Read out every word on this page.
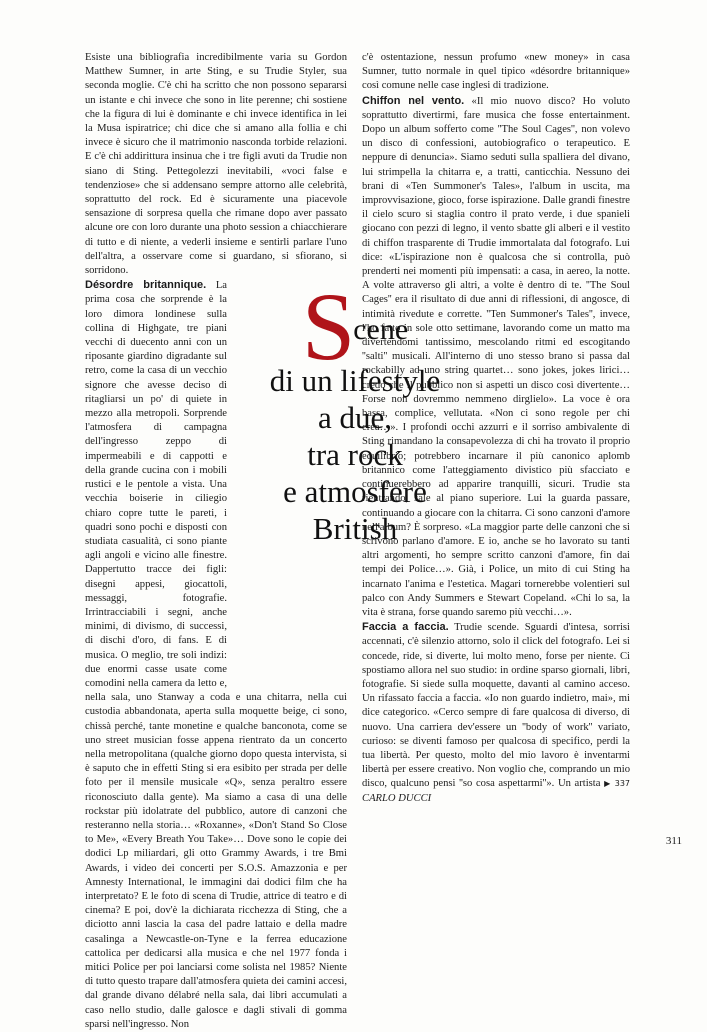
Esiste una bibliografia incredibilmente varia su Gordon Matthew Sumner, in arte Sting, e su Trudie Styler, sua seconda moglie. C'è chi ha scritto che non possono separarsi un istante e chi invece che sono in lite perenne; chi sostiene che la figura di lui è dominante e chi invece identifica in lei la Musa ispiratrice; chi dice che si amano alla follia e chi invece è sicuro che il matrimonio nasconda torbide relazioni. E c'è chi addirittura insinua che i tre figli avuti da Trudie non siano di Sting. Pettegolezzi inevitabili, «voci false e tendenziose» che si addensano sempre attorno alle celebrità, soprattutto del rock. Ed è sicuramente una piacevole sensazione di sorpresa quella che rimane dopo aver passato alcune ore con loro durante una photo session a chiacchierare di tutto e di niente, a vederli insieme e sentirli parlare l'uno dell'altra, a osservare come si guardano, si sfiorano, si sorridono.

Désordre britannique. La prima cosa che sorprende è la loro dimora londinese sulla collina di Highgate, tre piani vecchi di duecento anni con un riposante giardino digradante sul retro, come la casa di un vecchio signore che avesse deciso di ritagliarsi un po' di quiete in mezzo alla metropoli. Sorprende l'atmosfera di campagna dell'ingresso zeppo di impermeabili e di cappotti e della grande cucina con i mobili rustici e le pentole a vista. Una vecchia boiserie in ciliegio chiaro copre tutte le pareti, i quadri sono pochi e disposti con studiata casualità, ci sono piante agli angoli e vicino alle finestre. Dappertutto tracce dei figli: disegni appesi, giocattoli, messaggi, fotografie. Irrintracciabili i segni, anche minimi, di divismo, di successi, di dischi d'oro, di fans. E di musica. O meglio, tre soli indizi: due enormi casse usate come comodini nella camera da letto e, nella sala, uno Stanway a coda e una chitarra, nella cui custodia abbandonata, aperta sulla moquette beige, ci sono, chissà perché, tante monetine e qualche banconota, come se uno street musician fosse appena rientrato da un concerto nella metropolitana (qualche giorno dopo questa intervista, si è saputo che in effetti Sting si era esibito per strada per delle foto per il mensile musicale «Q», senza peraltro essere riconosciuto dalla gente). Ma siamo a casa di una delle rockstar più idolatrate del pubblico, autore di canzoni che resteranno nella storia… «Roxanne», «Don't Stand So Close to Me», «Every Breath You Take»… Dove sono le copie dei dodici Lp miliardari, gli otto Grammy Awards, i tre Bmi Awards, i video dei concerti per S.O.S. Amazzonia e per Amnesty International, le immagini dai dodici film che ha interpretato? E le foto di scena di Trudie, attrice di teatro e di cinema? E poi, dov'è la dichiarata ricchezza di Sting, che a diciotto anni lascia la casa del padre lattaio e della madre casalinga a Newcastle-on-Tyne e la ferrea educazione cattolica per dedicarsi alla musica e che nel 1977 fonda i mitici Police per poi lanciarsi come solista nel 1985? Niente di tutto questo trapare dall'atmosfera quieta dei camini accesi, dal grande divano délabré nella sala, dai libri accumulati a caso nello studio, dalle galosce e dagli stivali di gomma sparsi nell'ingresso. Non

c'è ostentazione, nessun profumo «new money» in casa Sumner, tutto normale in quel tipico «désordre britannique» così comune nelle case inglesi di tradizione.

Chiffon nel vento. «Il mio nuovo disco? Ho voluto soprattutto divertirmi, fare musica che fosse entertainment. Dopo un album sofferto come ''The Soul Cages'', non volevo un disco di confessioni, autobiografico o terapeutico. E neppure di denuncia». Siamo seduti sulla spalliera del divano, lui strimpella la chitarra e, a tratti, canticchia. Nessuno dei brani di «Ten Summoner's Tales», l'album in uscita, ma improvvisazione, gioco, forse ispirazione. Dalle grandi finestre il cielo scuro si staglia contro il prato verde, i due spanieli giocano con pezzi di legno, il vento sbatte gli alberi e il vestito di chiffon trasparente di Trudie immortalata dal fotografo. Lui dice: «L'ispirazione non è qualcosa che si controlla, può prenderti nei momenti più impensati: a casa, in aereo, la notte. A volte attraverso gli altri, a volte è dentro di te. ''The Soul Cages'' era il risultato di due anni di riflessioni, di angosce, di intimità rivedute e corrette. ''Ten Summoner's Tales'', invece, l'ho fatto in sole otto settimane, lavorando come un matto ma divertendomi tantissimo, mescolando ritmi ed escogitando ''salti'' musicali. All'interno di uno stesso brano si passa dal rockabilly ad uno string quartet… sono jokes, jokes lirici… credo che il pubblico non si aspetti un disco così divertente… Forse non dovremmo nemmeno dirglielo». La voce è ora bassa, complice, vellutata. «Non ci sono regole per chi crea…». I profondi occhi azzurri e il sorriso ambivalente di Sting rimandano la consapevolezza di chi ha trovato il proprio equilibrio; potrebbero incarnare il più canonico aplomb britannico come l'atteggiamento divistico più sfacciato e continuerebbero ad apparire tranquilli, sicuri. Trudie sta rientrando, sale al piano superiore. Lui la guarda passare, continuando a giocare con la chitarra. Ci sono canzoni d'amore nell'album? È sorpreso. «La maggior parte delle canzoni che si scrivono parlano d'amore. E io, anche se ho lavorato su tanti altri argomenti, ho sempre scritto canzoni d'amore, fin dai tempi dei Police…». Già, i Police, un mito di cui Sting ha incarnato l'anima e l'estetica. Magari tornerebbe volentieri sul palco con Andy Summers e Stewart Copeland. «Chi lo sa, la vita è strana, forse quando saremo più vecchi…».

Faccia a faccia. Trudie scende. Sguardi d'intesa, sorrisi accennati, c'è silenzio attorno, solo il click del fotografo. Lei si concede, ride, si diverte, lui molto meno, forse per niente. Ci spostiamo allora nel suo studio: in ordine sparso giornali, libri, fotografie. Si siede sulla moquette, davanti al camino acceso. Un rifassato faccia a faccia. «Io non guardo indietro, mai», mi dice categorico. «Cerco sempre di fare qualcosa di diverso, di nuovo. Una carriera dev'essere un ''body of work'' variato, curioso: se diventi famoso per qualcosa di specifico, perdi la tua libertà. Per questo, molto del mio lavoro è inventarmi libertà per essere creativo. Non voglio che, comprando un mio disco, qualcuno pensi ''so cosa aspettarmi''». Un artista ▶ 337 CARLO DUCCI

Scene
di un lifestyle
a due,
tra rock
e atmosfere
British
311
